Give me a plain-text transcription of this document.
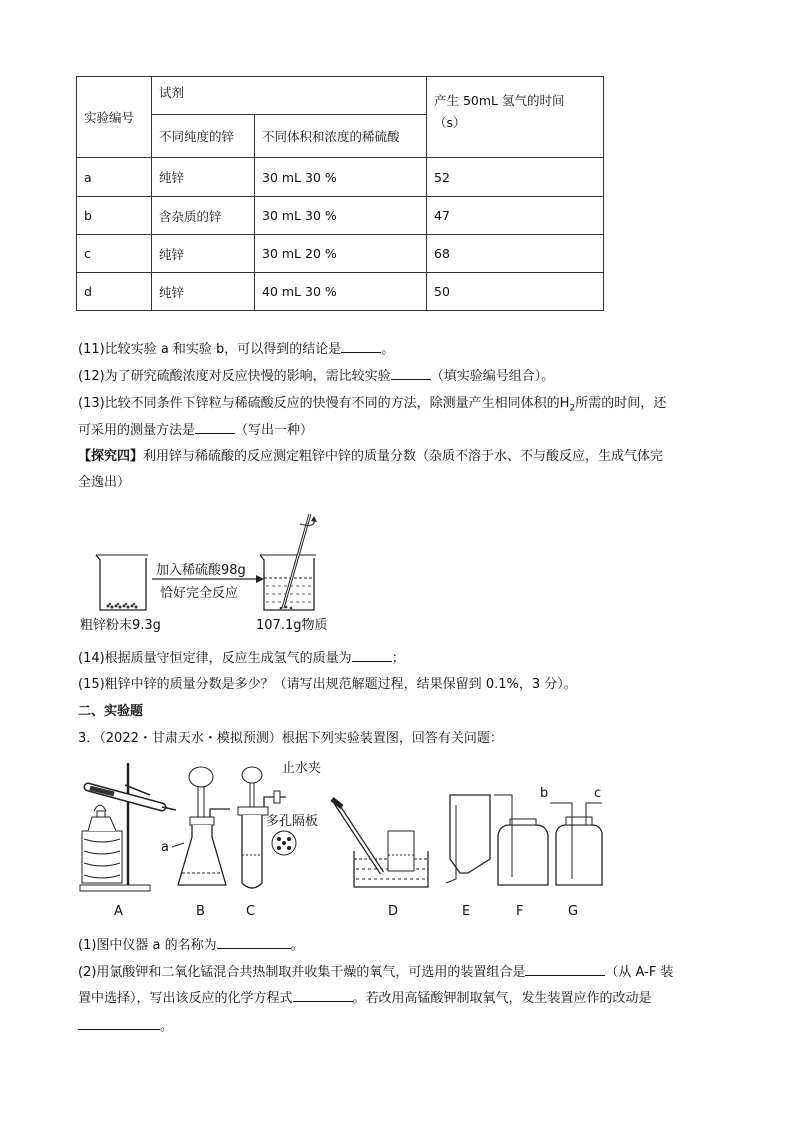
实验编号	试剂		产生 50mL 氢气的时间
（s）

	不同纯度的锌	不同体积和浓度的稀硫酸	
a	纯锌	30 mL 30 %	52
b	含杂质的锌	30 mL 30 %	47
c	纯锌	30 mL 20 %	68
d	纯锌	40 mL 30 %	50
(11)比较实验 a 和实验 b，可以得到的结论是	。
(12)为了研究硫酸浓度对反应快慢的影响，需比较实验	（填实验编号组合）。
(13)比较不同条件下锌粒与稀硫酸反应的快慢有不同的方法，除测量产生相同体积的$H_2$所需的时间，还
可采用的测量方法是	（写出一种）
【探究四】利用锌与稀硫酸的反应测定粗锌中锌的质量分数（杂质不溶于水、不与酸反应，生成气体完
全逸出）
加入稀硫酸98g
恰好完全反应
粗锌粉末9.3g	107.1g物质
(14)根据质量守恒定律，反应生成氢气的质量为	；
(15)粗锌中锌的质量分数是多少？（请写出规范解题过程，结果保留到 0.1%，3 分）。
二、实验题
3．（2022・甘肃天水・模拟预测）根据下列实验装置图，回答有关问题：
A
a
B
止水夹
多孔隔板
C	D	E	F
b	c
G
(1)图中仪器 a 的名称为	。
(2)用氯酸钾和二氧化锰混合共热制取并收集干燥的氧气，可选用的装置组合是	（从 A-F 装
置中选择），写出该反应的化学方程式	。若改用高锰酸钾制取氧气，发生装置应作的改动是
。
